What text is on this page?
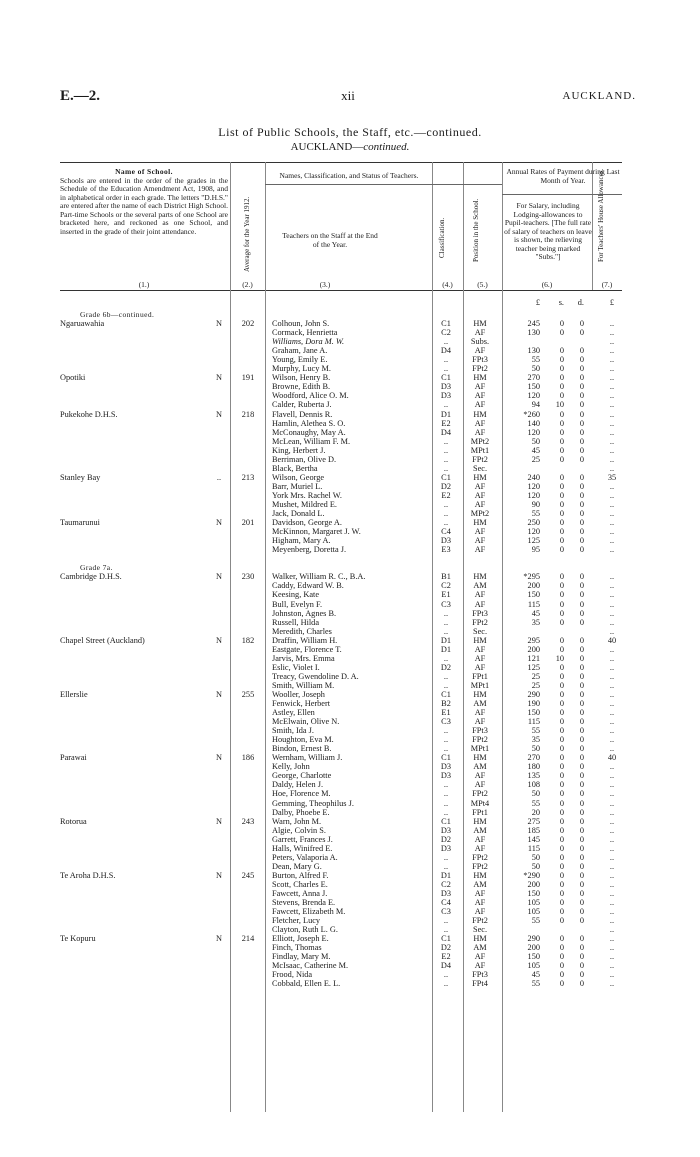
E.—2.	xii	AUCKLAND.
List of Public Schools, the Staff, etc.—continued.
AUCKLAND—continued.
Name of School.
Schools are entered in the order of the grades in the Schedule of the Education Amendment Act, 1908, and in alphabetical order in each grade. The letters "D.H.S." are entered after the name of each District High School. Part-time Schools or the several parts of one School are bracketed here, and reckoned as one School, and inserted in the grade of their joint attendance.
(1.)
Average for the Year 1912.
(2.)
Names, Classification, and Status of Teachers.
Teachers on the Staff at the End of the Year.
(3.)
Classification.
(4.)
Position in the School.
(5.)
Annual Rates of Payment during Last Month of Year.
For Salary, including Lodging-allowances to Pupil-teachers. [The full rate of salary of teachers on leave is shown, the relieving teacher being marked "Subs."]
(6.)
For Teachers' House Allowances.
(7.)
£	s.	d.	£
Grade 6b—continued.
Ngaruawahia	N	202	Colhoun, John S.	C1	HM	245	0	0	..
Cormack, Henrietta	C2	AF	130	0	0	..
Williams, Dora M. W.	..	Subs.	..
Graham, Jane A.	D4	AF	130	0	0	..
Young, Emily E.	..	FPt3	55	0	0	..
Murphy, Lucy M.	..	FPt2	50	0	0	..
Opotiki	N	191	Wilson, Henry B.	C1	HM	270	0	0	..
Browne, Edith B.	D3	AF	150	0	0	..
Woodford, Alice O. M.	D3	AF	120	0	0	..
Calder, Ruberta J.	..	AF	94	10	0	..
Pukekohe D.H.S.	N	218	Flavell, Dennis R.	D1	HM	*260	0	0	..
Hamlin, Alethea S. O.	E2	AF	140	0	0	..
McConaughy, May A.	D4	AF	120	0	0	..
McLean, William F. M.	..	MPt2	50	0	0	..
King, Herbert J.	..	MPt1	45	0	0	..
Berriman, Olive D.	..	FPt2	25	0	0	..
Black, Bertha	..	Sec.	..
Stanley Bay	..	213	Wilson, George	C1	HM	240	0	0	35
Barr, Muriel L.	D2	AF	120	0	0	..
York Mrs. Rachel W.	E2	AF	120	0	0	..
Mushet, Mildred E.	..	AF	90	0	0	..
Jack, Donald L.	..	MPt2	55	0	0	..
Taumarunui	N	201	Davidson, George A.	..	HM	250	0	0	..
McKinnon, Margaret J. W.	C4	AF	120	0	0	..
Higham, Mary A.	D3	AF	125	0	0	..
Meyenberg, Doretta J.	E3	AF	95	0	0	..
Grade 7a.
Cambridge D.H.S.	N	230	Walker, William R. C., B.A.	B1	HM	*295	0	0	..
Caddy, Edward W. B.	C2	AM	200	0	0	..
Keesing, Kate	E1	AF	150	0	0	..
Bull, Evelyn F.	C3	AF	115	0	0	..
Johnston, Agnes B.	..	FPt3	45	0	0	..
Russell, Hilda	..	FPt2	35	0	0	..
Meredith, Charles	..	Sec.	..
Chapel Street (Auckland)	N	182	Draffin, William H.	D1	HM	295	0	0	40
Eastgate, Florence T.	D1	AF	200	0	0	..
Jarvis, Mrs. Emma	..	AF	121	10	0	..
Eslic, Violet I.	D2	AF	125	0	0	..
Treacy, Gwendoline D. A.	..	FPt1	25	0	0	..
Smith, William M.	..	MPt1	25	0	0	..
Ellerslie	N	255	Wooller, Joseph	C1	HM	290	0	0	..
Fenwick, Herbert	B2	AM	190	0	0	..
Astley, Ellen	E1	AF	150	0	0	..
McElwain, Olive N.	C3	AF	115	0	0	..
Smith, Ida J.	..	FPt3	55	0	0	..
Houghton, Eva M.	..	FPt2	35	0	0	..
Bindon, Ernest B.	..	MPt1	50	0	0	..
Parawai	N	186	Wernham, William J.	C1	HM	270	0	0	40
Kelly, John	D3	AM	180	0	0	..
George, Charlotte	D3	AF	135	0	0	..
Daldy, Helen J.	..	AF	108	0	0	..
Hoe, Florence M.	..	FPt2	50	0	0	..
Gemming, Theophilus J.	..	MPt4	55	0	0	..
Dalby, Phoebe E.	..	FPt1	20	0	0	..
Rotorua	N	243	Warn, John M.	C1	HM	275	0	0	..
Algie, Colvin S.	D3	AM	185	0	0	..
Garrett, Frances J.	D2	AF	145	0	0	..
Halls, Winifred E.	D3	AF	115	0	0	..
Peters, Valaporia A.	..	FPt2	50	0	0	..
Dean, Mary G.	..	FPt2	50	0	0	..
Te Aroha D.H.S.	N	245	Burton, Alfred F.	D1	HM	*290	0	0	..
Scott, Charles E.	C2	AM	200	0	0	..
Fawcett, Anna J.	D3	AF	150	0	0	..
Stevens, Brenda E.	C4	AF	105	0	0	..
Fawcett, Elizabeth M.	C3	AF	105	0	0	..
Fletcher, Lucy	..	FPt2	55	0	0	..
Clayton, Ruth L. G.	..	Sec.	..
Te Kopuru	N	214	Elliott, Joseph E.	C1	HM	290	0	0	..
Finch, Thomas	D2	AM	200	0	0	..
Findlay, Mary M.	E2	AF	150	0	0	..
McIsaac, Catherine M.	D4	AF	105	0	0	..
Frood, Nida	..	FPt3	45	0	0	..
Cobbald, Ellen E. L.	..	FPt4	55	0	0	..
